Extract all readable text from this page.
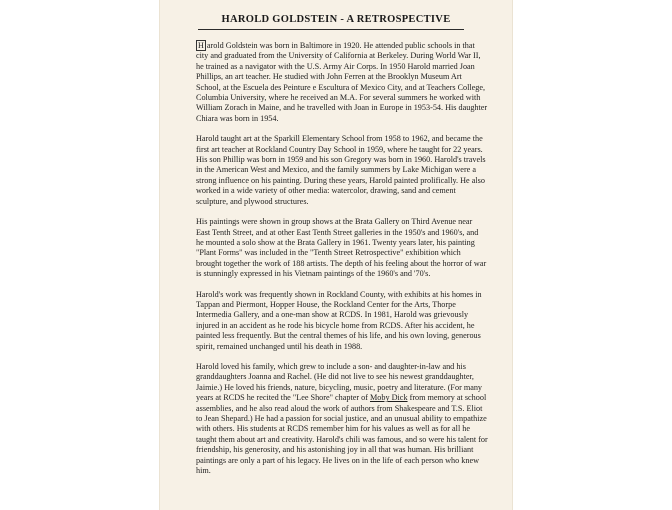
HAROLD GOLDSTEIN - A RETROSPECTIVE

H arold Goldstein was born in Baltimore in 1920. He attended public schools in that city and graduated from the University of California at Berkeley. During World War II, he trained as a navigator with the U.S. Army Air Corps. In 1950 Harold married Joan Phillips, an art teacher. He studied with John Ferren at the Brooklyn Museum Art School, at the Escuela des Peinture e Escultura of Mexico City, and at Teachers College, Columbia University, where he received an M.A. For several summers he worked with William Zorach in Maine, and he travelled with Joan in Europe in 1953-54. His daughter Chiara was born in 1954.

Harold taught art at the Sparkill Elementary School from 1958 to 1962, and became the first art teacher at Rockland Country Day School in 1959, where he taught for 22 years. His son Phillip was born in 1959 and his son Gregory was born in 1960. Harold's travels in the American West and Mexico, and the family summers by Lake Michigan were a strong influence on his painting. During these years, Harold painted prolifically. He also worked in a wide variety of other media: watercolor, drawing, sand and cement sculpture, and plywood structures.

His paintings were shown in group shows at the Brata Gallery on Third Avenue near East Tenth Street, and at other East Tenth Street galleries in the 1950's and 1960's, and he mounted a solo show at the Brata Gallery in 1961. Twenty years later, his painting "Plant Forms" was included in the "Tenth Street Retrospective" exhibition which brought together the work of 188 artists. The depth of his feeling about the horror of war is stunningly expressed in his Vietnam paintings of the 1960's and '70's.

Harold's work was frequently shown in Rockland County, with exhibits at his homes in Tappan and Piermont, Hopper House, the Rockland Center for the Arts, Thorpe Intermedia Gallery, and a one-man show at RCDS. In 1981, Harold was grievously injured in an accident as he rode his bicycle home from RCDS. After his accident, he painted less frequently. But the central themes of his life, and his own loving, generous spirit, remained unchanged until his death in 1988.

Harold loved his family, which grew to include a son- and daughter-in-law and his granddaughters Joanna and Rachel. (He did not live to see his newest granddaughter, Jaimie.) He loved his friends, nature, bicycling, music, poetry and literature. (For many years at RCDS he recited the "Lee Shore" chapter of Moby Dick from memory at school assemblies, and he also read aloud the work of authors from Shakespeare and T.S. Eliot to Jean Shepard.) He had a passion for social justice, and an unusual ability to empathize with others. His students at RCDS remember him for his values as well as for all he taught them about art and creativity. Harold's chili was famous, and so were his talent for friendship, his generosity, and his astonishing joy in all that was human. His brilliant paintings are only a part of his legacy. He lives on in the life of each person who knew him.
